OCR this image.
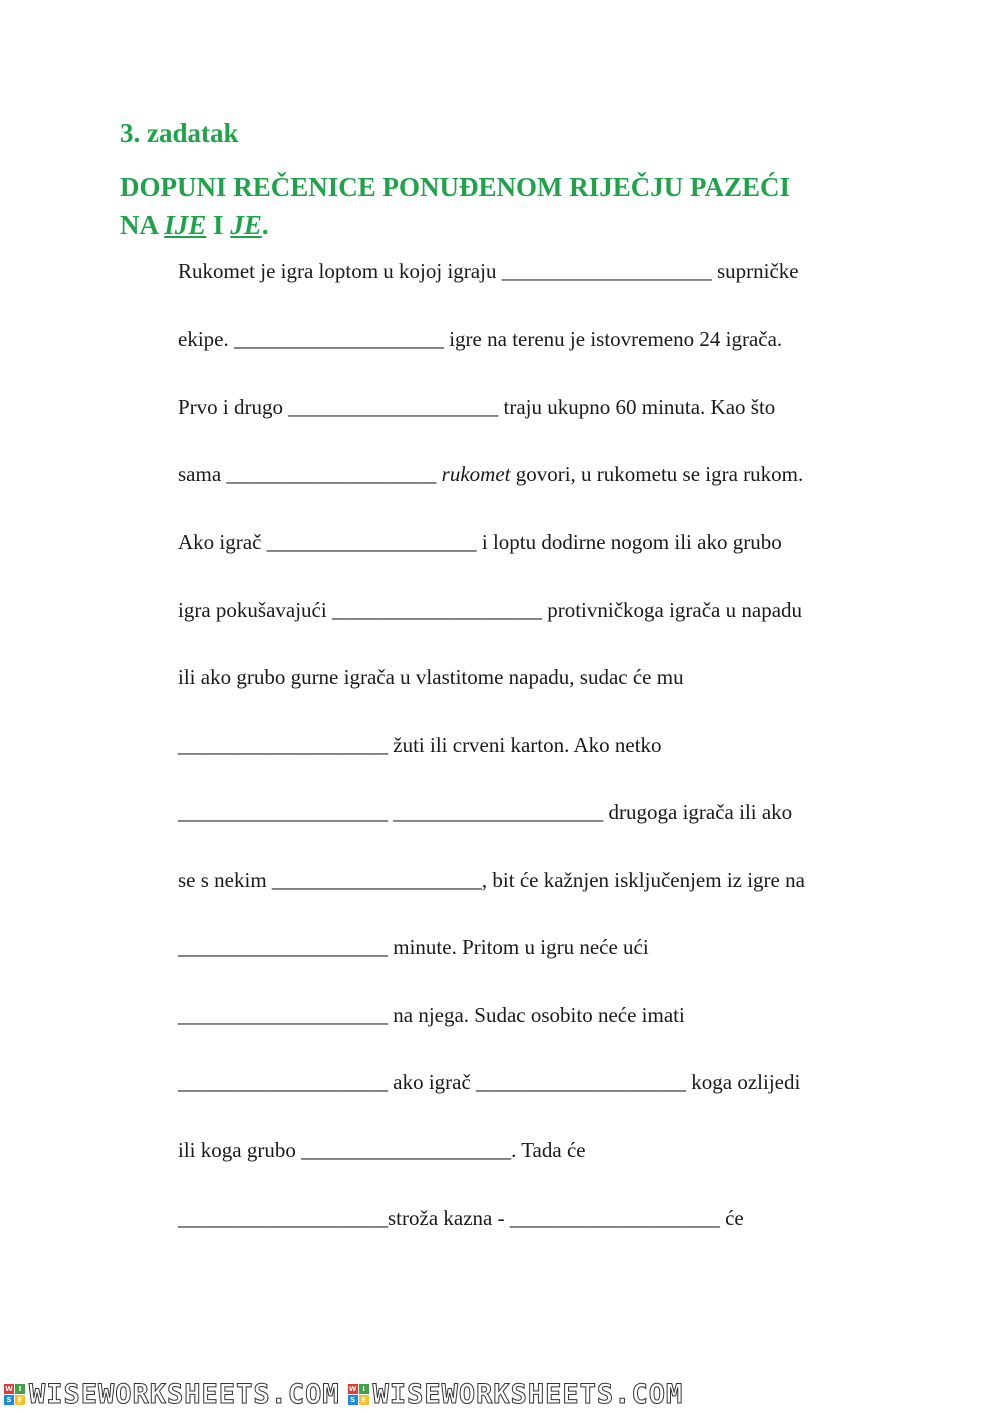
3. zadatak
DOPUNI REČENICE PONUĐENOM RIJEČJU PAZEĆI
NA IJE I JE.
Rukomet je igra loptom u kojoj igraju ____________________ suprničke
ekipe. ____________________ igre na terenu je istovremeno 24 igrača.
Prvo i drugo ____________________ traju ukupno 60 minuta. Kao što
sama ____________________ rukomet govori, u rukometu se igra rukom.
Ako igrač ____________________ i loptu dodirne nogom ili ako grubo
igra pokušavajući ____________________ protivničkoga igrača u napadu
ili ako grubo gurne igrača u vlastitome napadu, sudac će mu
____________________ žuti ili crveni karton. Ako netko
____________________ ____________________ drugoga igrača ili ako
se s nekim ____________________, bit će kažnjen isključenjem iz igre na
____________________ minute. Pritom u igru neće ući
____________________ na njega. Sudac osobito neće imati
____________________ ako igrač ____________________ koga ozlijedi
ili koga grubo ____________________. Tada će
____________________stroža kazna - ____________________ će
W I
S E WISEWORKSHEETS.COM W I
S E WISEWORKSHEETS.COM
